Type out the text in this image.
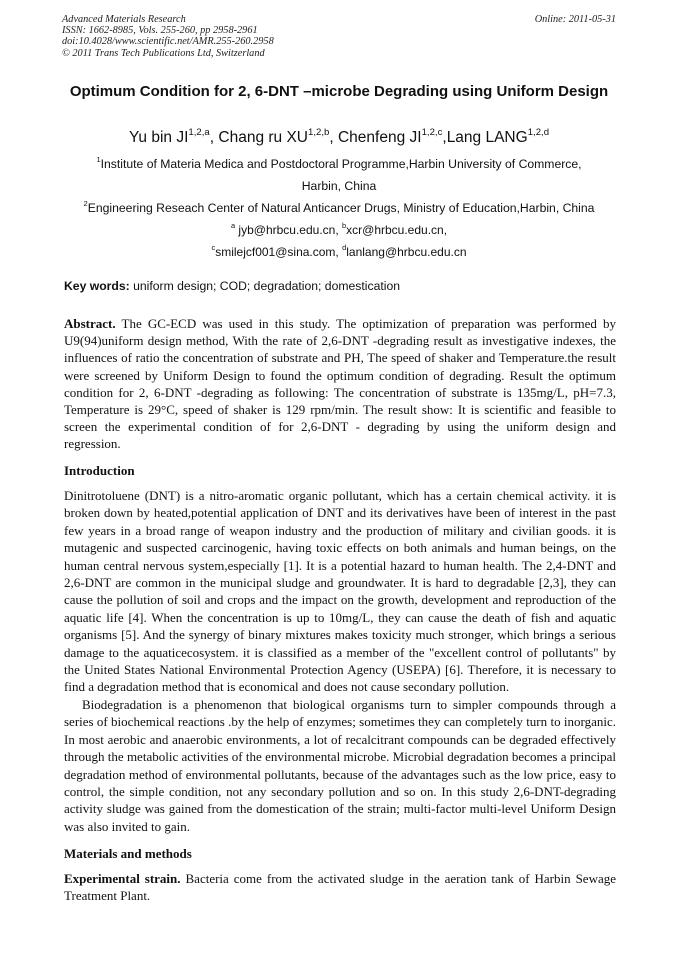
Advanced Materials Research
ISSN: 1662-8985, Vols. 255-260, pp 2958-2961
doi:10.4028/www.scientific.net/AMR.255-260.2958
© 2011 Trans Tech Publications Ltd, Switzerland
Online: 2011-05-31
Optimum Condition for 2, 6-DNT –microbe Degrading using Uniform Design
Yu bin JI$^{1,2,a}$, Chang ru XU$^{1,2,b}$, Chenfeng JI$^{1,2,c}$,Lang LANG$^{1,2,d}$
$^1$Institute of Materia Medica and Postdoctoral Programme,Harbin University of Commerce,
Harbin, China
$^2$Engineering Reseach Center of Natural Anticancer Drugs, Ministry of Education,Harbin, China
$^a$ jyb@hrbcu.edu.cn, $^b$xcr@hrbcu.edu.cn,
$^c$smilejcf001@sina.com, $^d$lanlang@hrbcu.edu.cn
Key words: uniform design; COD; degradation; domestication
Abstract. The GC-ECD was used in this study. The optimization of preparation was performed by U9(94)uniform design method, With the rate of 2,6-DNT -degrading result as investigative indexes, the influences of ratio the concentration of substrate and PH, The speed of shaker and Temperature.the result were screened by Uniform Design to found the optimum condition of degrading. Result the optimum condition for 2, 6-DNT -degrading as following: The concentration of substrate is 135mg/L, pH=7.3, Temperature is 29°C, speed of shaker is 129 rpm/min. The result show: It is scientific and feasible to screen the experimental condition of for 2,6-DNT - degrading by using the uniform design and regression.
Introduction

Dinitrotoluene (DNT) is a nitro-aromatic organic pollutant, which has a certain chemical activity. it is broken down by heated,potential application of DNT and its derivatives have been of interest in the past few years in a broad range of weapon industry and the production of military and civilian goods. it is mutagenic and suspected carcinogenic, having toxic effects on both animals and human beings, on the human central nervous system,especially [1]. It is a potential hazard to human health. The 2,4-DNT and 2,6-DNT are common in the municipal sludge and groundwater. It is hard to degradable [2,3], they can cause the pollution of soil and crops and the impact on the growth, development and reproduction of the aquatic life [4]. When the concentration is up to 10mg/L, they can cause the death of fish and aquatic organisms [5]. And the synergy of binary mixtures makes toxicity much stronger, which brings a serious damage to the aquaticecosystem. it is classified as a member of the "excellent control of pollutants" by the United States National Environmental Protection Agency (USEPA) [6]. Therefore, it is necessary to find a degradation method that is economical and does not cause secondary pollution.

Biodegradation is a phenomenon that biological organisms turn to simpler compounds through a series of biochemical reactions .by the help of enzymes; sometimes they can completely turn to inorganic. In most aerobic and anaerobic environments, a lot of recalcitrant compounds can be degraded effectively through the metabolic activities of the environmental microbe. Microbial degradation becomes a principal degradation method of environmental pollutants, because of the advantages such as the low price, easy to control, the simple condition, not any secondary pollution and so on. In this study 2,6-DNT-degrading activity sludge was gained from the domestication of the strain; multi-factor multi-level Uniform Design was also invited to gain.

Materials and methods

Experimental strain. Bacteria come from the activated sludge in the aeration tank of Harbin Sewage Treatment Plant.
